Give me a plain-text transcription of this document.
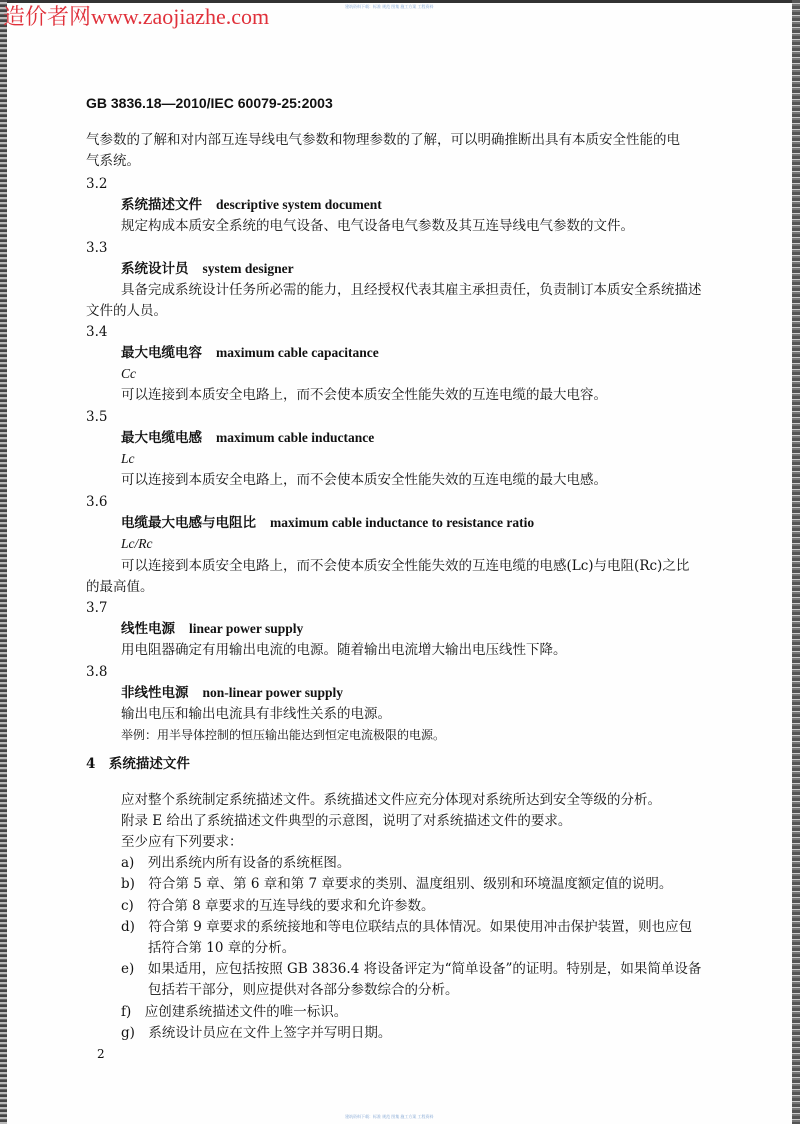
造价者网www.zaojiazhe.com	建筑资料下载：标准 规范 图集 施工方案 工程资料
建筑资料下载：标准 规范 图集 施工方案 工程资料
GB 3836.18—2010/IEC 60079-25:2003
气参数的了解和对内部互连导线电气参数和物理参数的了解，可以明确推断出具有本质安全性能的电
气系统。
3.2
系统描述文件 descriptive system document
规定构成本质安全系统的电气设备、电气设备电气参数及其互连导线电气参数的文件。
3.3
系统设计员 system designer
具备完成系统设计任务所必需的能力，且经授权代表其雇主承担责任，负责制订本质安全系统描述
文件的人员。
3.4
最大电缆电容 maximum cable capacitance
Cc
可以连接到本质安全电路上，而不会使本质安全性能失效的互连电缆的最大电容。
3.5
最大电缆电感 maximum cable inductance
Lc
可以连接到本质安全电路上，而不会使本质安全性能失效的互连电缆的最大电感。
3.6
电缆最大电感与电阻比 maximum cable inductance to resistance ratio
Lc/Rc
可以连接到本质安全电路上，而不会使本质安全性能失效的互连电缆的电感(Lc)与电阻(Rc)之比
的最高值。
3.7
线性电源 linear power supply
用电阻器确定有用输出电流的电源。随着输出电流增大输出电压线性下降。
3.8
非线性电源 non-linear power supply
输出电压和输出电流具有非线性关系的电源。
举例：用半导体控制的恒压输出能达到恒定电流极限的电源。
4　系统描述文件
应对整个系统制定系统描述文件。系统描述文件应充分体现对系统所达到安全等级的分析。
附录 E 给出了系统描述文件典型的示意图，说明了对系统描述文件的要求。
至少应有下列要求：
a)　列出系统内所有设备的系统框图。
b)　符合第 5 章、第 6 章和第 7 章要求的类别、温度组别、级别和环境温度额定值的说明。
c)　符合第 8 章要求的互连导线的要求和允许参数。
d)　符合第 9 章要求的系统接地和等电位联结点的具体情况。如果使用冲击保护装置，则也应包
括符合第 10 章的分析。
e)　如果适用，应包括按照 GB 3836.4 将设备评定为“简单设备”的证明。特别是，如果简单设备
包括若干部分，则应提供对各部分参数综合的分析。
f)　应创建系统描述文件的唯一标识。
g)　系统设计员应在文件上签字并写明日期。
2
